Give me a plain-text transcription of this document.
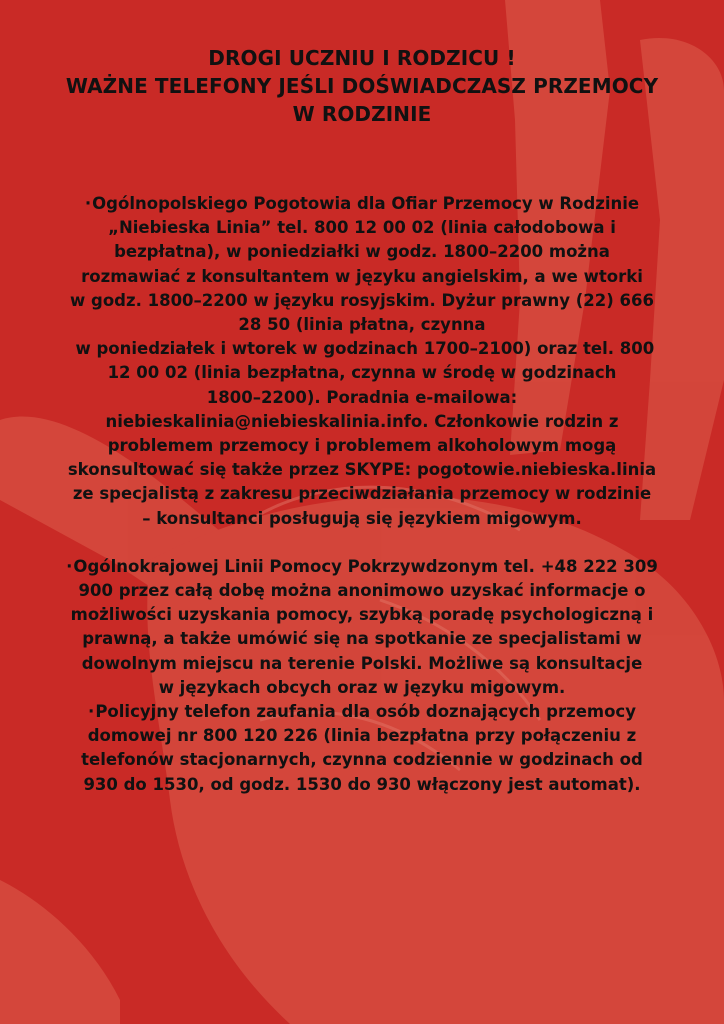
DROGI UCZNIU I RODZICU !
WAŻNE TELEFONY JEŚLI DOŚWIADCZASZ PRZEMOCY
W RODZINIE

·Ogólnopolskiego Pogotowia dla Ofiar Przemocy w Rodzinie
„Niebieska Linia” tel. 800 12 00 02 (linia całodobowa i
bezpłatna), w poniedziałki w godz. 1800–2200 można
rozmawiać z konsultantem w języku angielskim, a we wtorki
w godz. 1800–2200 w języku rosyjskim. Dyżur prawny (22) 666
28 50 (linia płatna, czynna
w poniedziałek i wtorek w godzinach 1700–2100) oraz tel. 800
12 00 02 (linia bezpłatna, czynna w środę w godzinach
1800–2200). Poradnia e-mailowa:
niebieskalinia@niebieskalinia.info. Członkowie rodzin z
problemem przemocy i problemem alkoholowym mogą
skonsultować się także przez SKYPE: pogotowie.niebieska.linia
ze specjalistą z zakresu przeciwdziałania przemocy w rodzinie
– konsultanci posługują się językiem migowym.

·Ogólnokrajowej Linii Pomocy Pokrzywdzonym tel. +48 222 309
900 przez całą dobę można anonimowo uzyskać informacje o
możliwości uzyskania pomocy, szybką poradę psychologiczną i
prawną, a także umówić się na spotkanie ze specjalistami w
dowolnym miejscu na terenie Polski. Możliwe są konsultacje
w językach obcych oraz w języku migowym.

·Policyjny telefon zaufania dla osób doznających przemocy
domowej nr 800 120 226 (linia bezpłatna przy połączeniu z
telefonów stacjonarnych, czynna codziennie w godzinach od
930 do 1530, od godz. 1530 do 930 włączony jest automat).
